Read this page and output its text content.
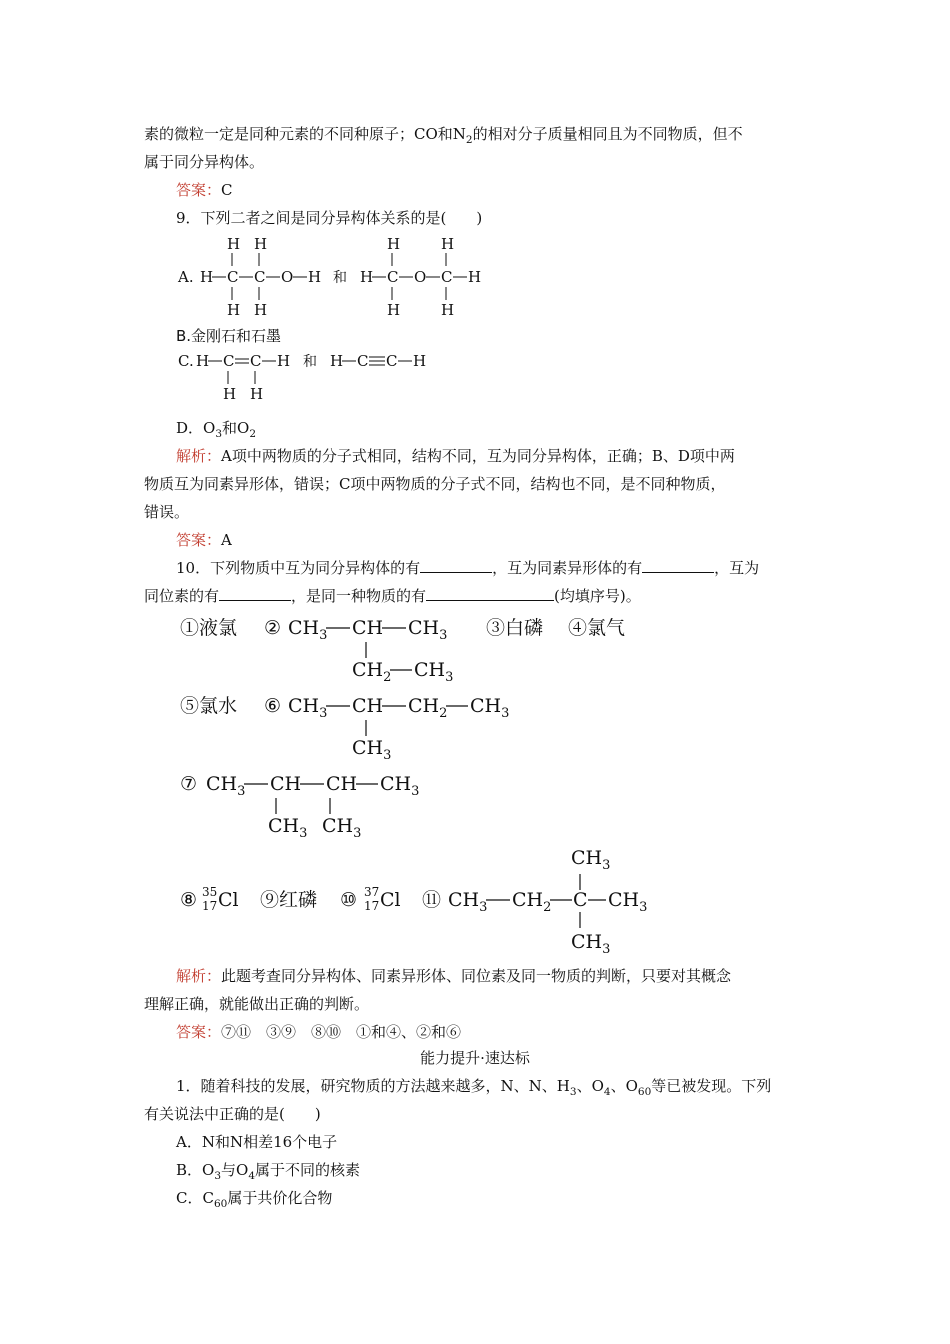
素的微粒一定是同种元素的不同种原子；CO和$N_2$的相对分子质量相同且为不同物质，但不
属于同分异构体。
答案：C
9．下列二者之间是同分异构体关系的是(　　)
A. H C C O H
H H
H H
和 H C O C H
H	H
H	H
B.金刚石和石墨
C. H C C H
H H
和 H C C H
D．$O_3$和$O_2$
解析：A项中两物质的分子式相同，结构不同，互为同分异构体，正确；B、D项中两
物质互为同素异形体，错误；C项中两物质的分子式不同，结构也不同，是不同种物质，
错误。
答案：A
10．下列物质中互为同分异构体的有	，互为同素异形体的有	，互为
同位素的有	，是同一种物质的有	(均填序号)。
①液氯 ② $CH_3$ CH $CH_3$
$CH_2$ $CH_3$
③白磷 ④氯气
⑤氯水 ⑥ $CH_3$ CH $CH_2$ $CH_3$
$CH_3$
⑦ $CH_3$ CH CH $CH_3$
$CH_3$ $CH_3$
⑧ 35
17 Cl ⑨红磷 ⑩ 37
17 Cl ⑪ $CH_3$ $CH_2$ C $CH_3$
$CH_3$
$CH_3$
解析：此题考查同分异构体、同素异形体、同位素及同一物质的判断，只要对其概念
理解正确，就能做出正确的判断。
答案：⑦⑪　③⑨　⑧⑩　①和④、②和⑥
能力提升·速达标
1．随着科技的发展，研究物质的方法越来越多，N、N、$H_3$、$O_4$、$O_{60}$等已被发现。下列
有关说法中正确的是(　　)
A．N和N相差16个电子
B．$O_3$与$O_4$属于不同的核素
C．$C_{60}$属于共价化合物
